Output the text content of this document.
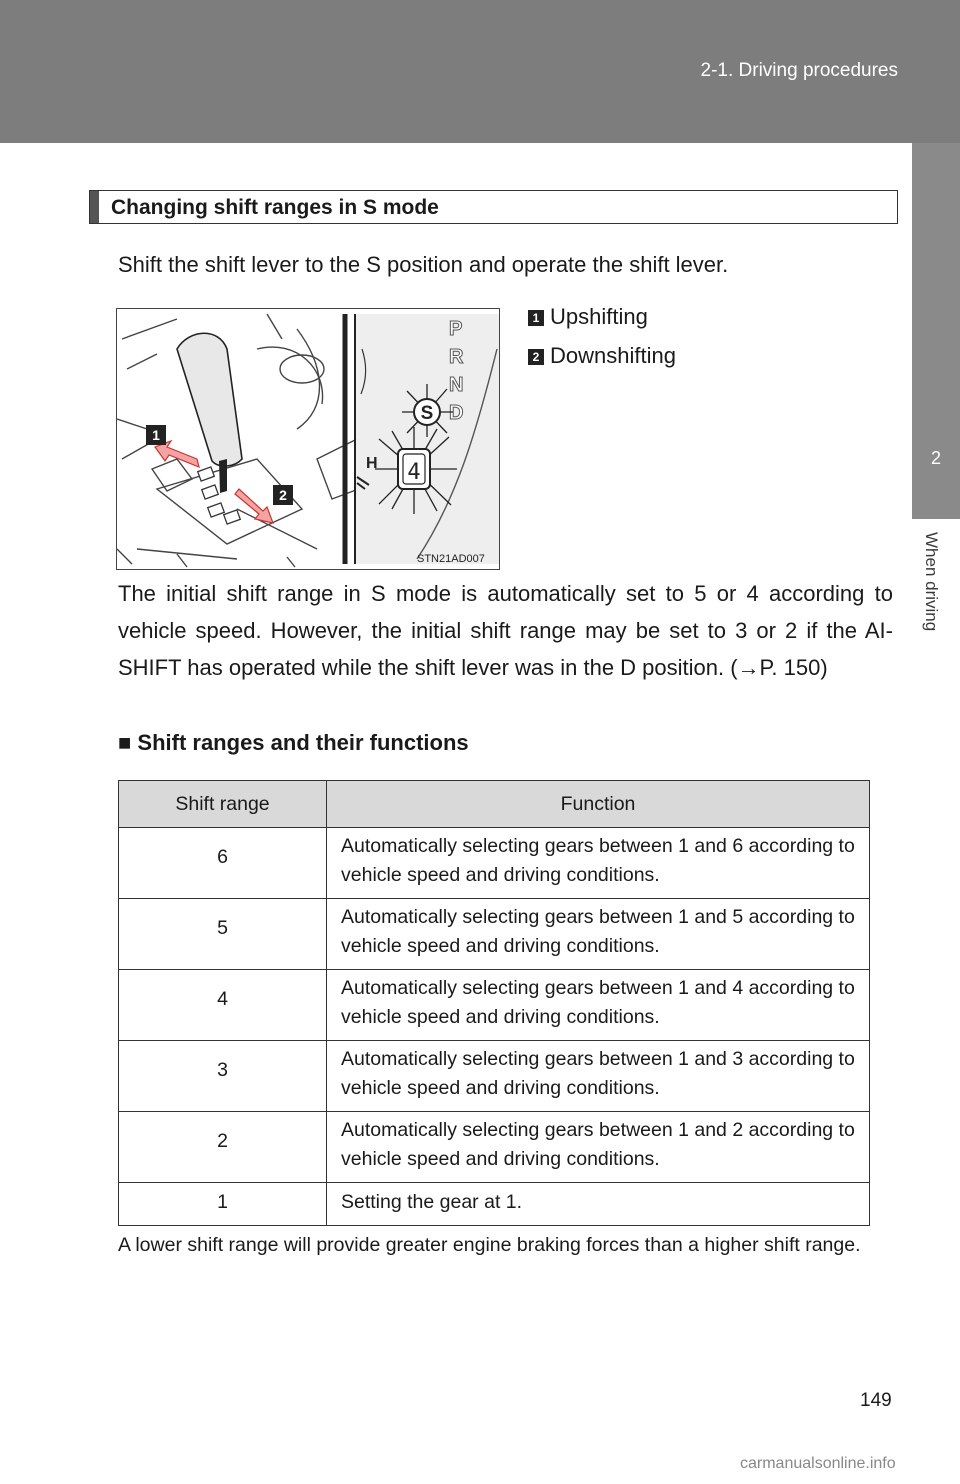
2-1. Driving procedures
2
When driving
Changing shift ranges in S mode
Shift the shift lever to the S position and operate the shift lever.
1
2
P
R
N
D
S
4
H
STN21AD007
1 Upshifting
2 Downshifting
The initial shift range in S mode is automatically set to 5 or 4 according to vehicle speed. However, the initial shift range may be set to 3 or 2 if the AI-SHIFT has operated while the shift lever was in the D position. (→P. 150)
■ Shift ranges and their functions
Shift range	Function
6	Automatically selecting gears between 1 and 6 according to vehicle speed and driving conditions.
5	Automatically selecting gears between 1 and 5 according to vehicle speed and driving conditions.
4	Automatically selecting gears between 1 and 4 according to vehicle speed and driving conditions.
3	Automatically selecting gears between 1 and 3 according to vehicle speed and driving conditions.
2	Automatically selecting gears between 1 and 2 according to vehicle speed and driving conditions.
1	Setting the gear at 1.
A lower shift range will provide greater engine braking forces than a higher shift range.
149
carmanualsonline.info
